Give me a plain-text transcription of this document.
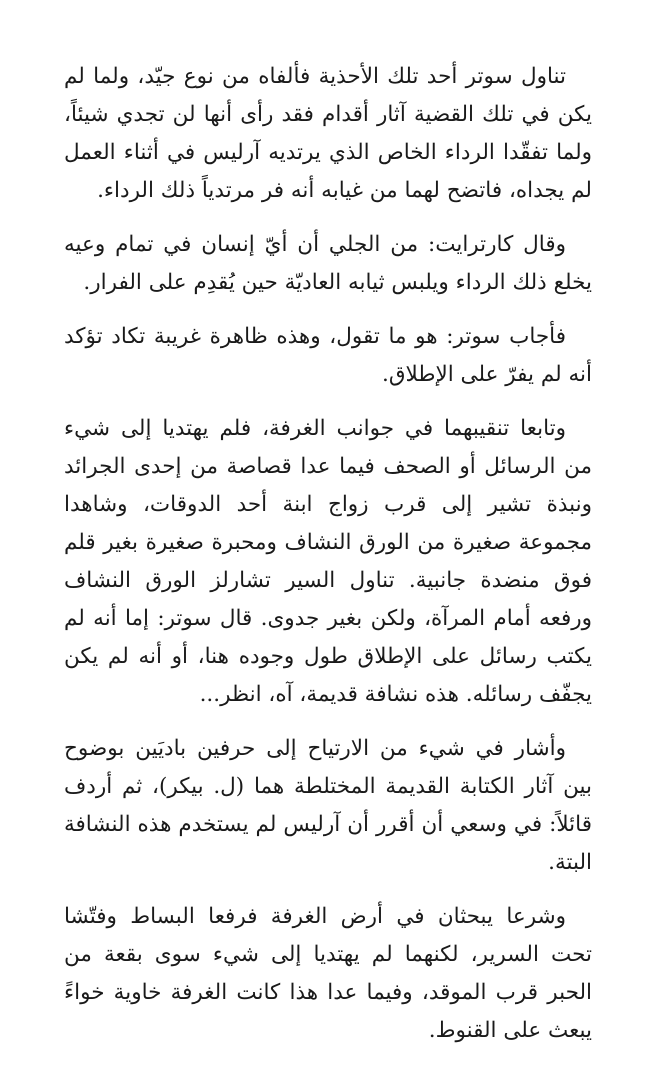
تناول سوتر أحد تلك الأحذية فألفاه من نوع جيّد، ولما لم يكن في تلك القضية آثار أقدام فقد رأى أنها لن تجدي شيئاً، ولما تفقّدا الرداء الخاص الذي يرتديه آرليس في أثناء العمل لم يجداه، فاتضح لهما من غيابه أنه فر مرتدياً ذلك الرداء.

وقال كارترايت: من الجلي أن أيّ إنسان في تمام وعيه يخلع ذلك الرداء ويلبس ثيابه العاديّة حين يُقدِم على الفرار.

فأجاب سوتر: هو ما تقول، وهذه ظاهرة غريبة تكاد تؤكد أنه لم يفرّ على الإطلاق.

وتابعا تنقيبهما في جوانب الغرفة، فلم يهتديا إلى شيء من الرسائل أو الصحف فيما عدا قصاصة من إحدى الجرائد ونبذة تشير إلى قرب زواج ابنة أحد الدوقات، وشاهدا مجموعة صغيرة من الورق النشاف ومحبرة صغيرة بغير قلم فوق منضدة جانبية. تناول السير تشارلز الورق النشاف ورفعه أمام المرآة، ولكن بغير جدوى. قال سوتر: إما أنه لم يكتب رسائل على الإطلاق طول وجوده هنا، أو أنه لم يكن يجفّف رسائله. هذه نشافة قديمة، آه، انظر...

وأشار في شيء من الارتياح إلى حرفين باديَين بوضوح بين آثار الكتابة القديمة المختلطة هما (ل. بيكر)، ثم أردف قائلاً: في وسعي أن أقرر أن آرليس لم يستخدم هذه النشافة البتة.

وشرعا يبحثان في أرض الغرفة فرفعا البساط وفتّشا تحت السرير، لكنهما لم يهتديا إلى شيء سوى بقعة من الحبر قرب الموقد، وفيما عدا هذا كانت الغرفة خاوية خواءً يبعث على القنوط.
